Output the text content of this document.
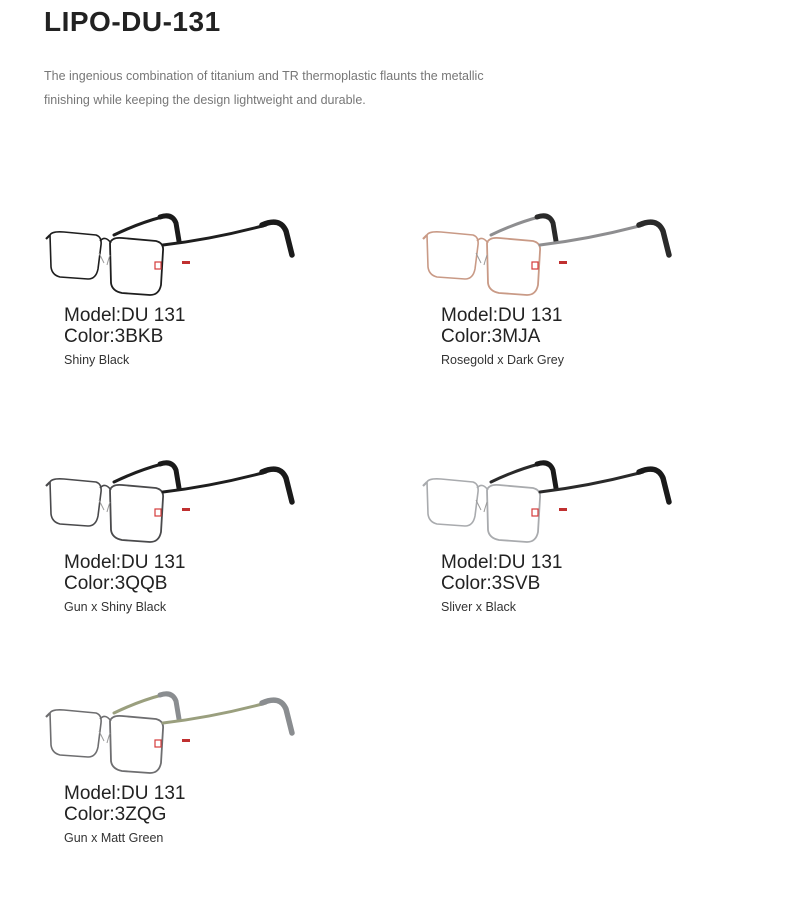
LIPO-DU-131
The ingenious combination of titanium and TR thermoplastic flaunts the metallic
finishing while keeping the design lightweight and durable.
Model:DU 131
Color:3BKB
Shiny Black
Model:DU 131
Color:3MJA
Rosegold x Dark Grey
Model:DU 131
Color:3QQB
Gun x Shiny Black
Model:DU 131
Color:3SVB
Sliver x Black
Model:DU 131
Color:3ZQG
Gun x Matt Green
